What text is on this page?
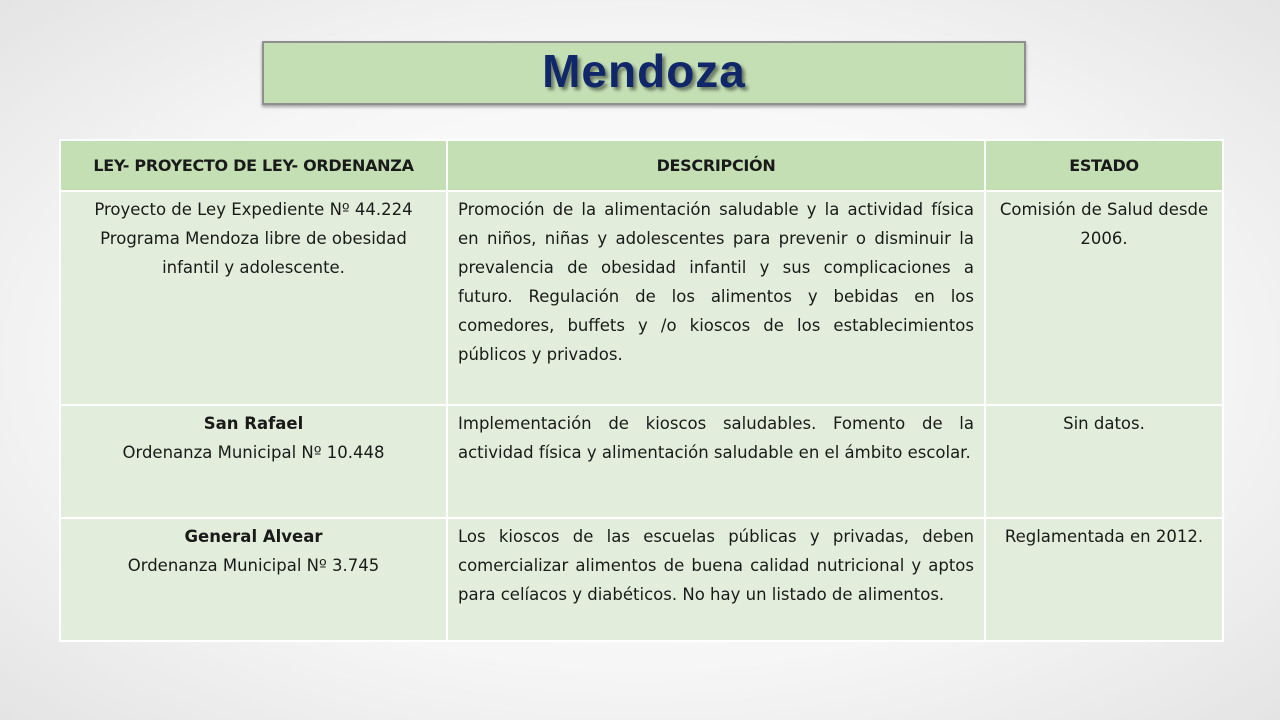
Mendoza
LEY- PROYECTO DE LEY- ORDENANZA	DESCRIPCIÓN	ESTADO

Proyecto de Ley Expediente Nº 44.224
Programa Mendoza libre de obesidad infantil y adolescente.	Promoción de la alimentación saludable y la actividad física en niños, niñas y adolescentes para prevenir o disminuir la prevalencia de obesidad infantil y sus complicaciones a futuro. Regulación de los alimentos y bebidas en los comedores, buffets y /o kioscos de los establecimientos públicos y privados.	Comisión de Salud desde 2006.

San Rafael
Ordenanza Municipal Nº 10.448	Implementación de kioscos saludables. Fomento de la actividad física y alimentación saludable en el ámbito escolar.	Sin datos.

General Alvear
Ordenanza Municipal Nº 3.745	Los kioscos de las escuelas públicas y privadas, deben comercializar alimentos de buena calidad nutricional y aptos para celíacos y diabéticos. No hay un listado de alimentos.	Reglamentada en 2012.
